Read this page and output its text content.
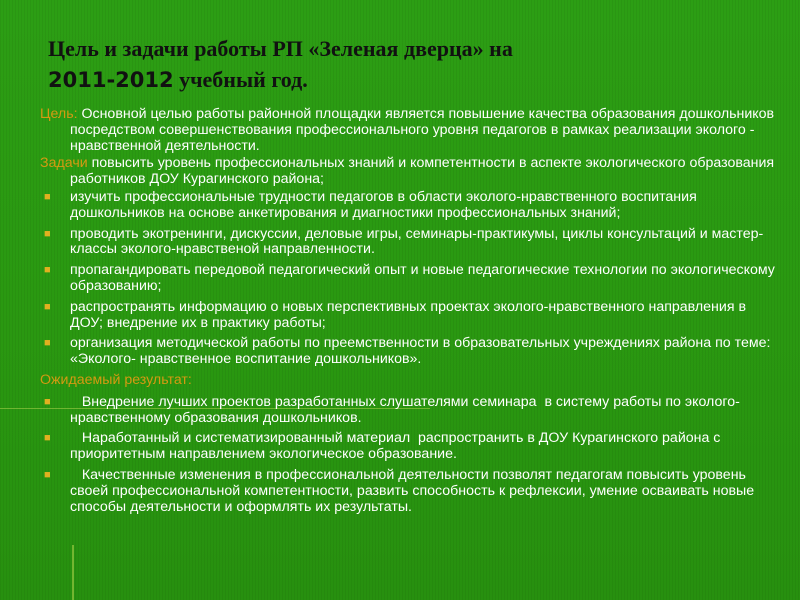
Цель и задачи работы РП «Зеленая дверца» на
2011-2012 учебный год.

Цель: Основной целью работы районной площадки является повышение качества образования дошкольников посредством совершенствования профессионального уровня педагогов в рамках реализации эколого - нравственной деятельности.

Задачи повысить уровень профессиональных знаний и компетентности в аспекте экологического образования работников ДОУ Курагинского района;

■ изучить профессиональные трудности педагогов в области эколого-нравственного воспитания дошкольников на основе анкетирования и диагностики профессиональных знаний;
■ проводить экотренинги, дискуссии, деловые игры, семинары-практикумы, циклы консультаций и мастер-классы эколого-нравственой направленности.
■ пропагандировать передовой педагогический опыт и новые педагогические технологии по экологическому образованию;
■ распространять информацию о новых перспективных проектах эколого-нравственного направления в ДОУ; внедрение их в практику работы;
■ организация методической работы по преемственности в образовательных учреждениях района по теме: «Эколого- нравственное воспитание дошкольников».

Ожидаемый результат:

■ Внедрение лучших проектов разработанных слушателями семинара  в систему работы по эколого-нравственному образования дошкольников.
■ Наработанный и систематизированный материал  распространить в ДОУ Курагинского района с приоритетным направлением экологическое образование.
■ Качественные изменения в профессиональной деятельности позволят педагогам повысить уровень своей профессиональной компетентности, развить способность к рефлексии, умение осваивать новые способы деятельности и оформлять их результаты.
